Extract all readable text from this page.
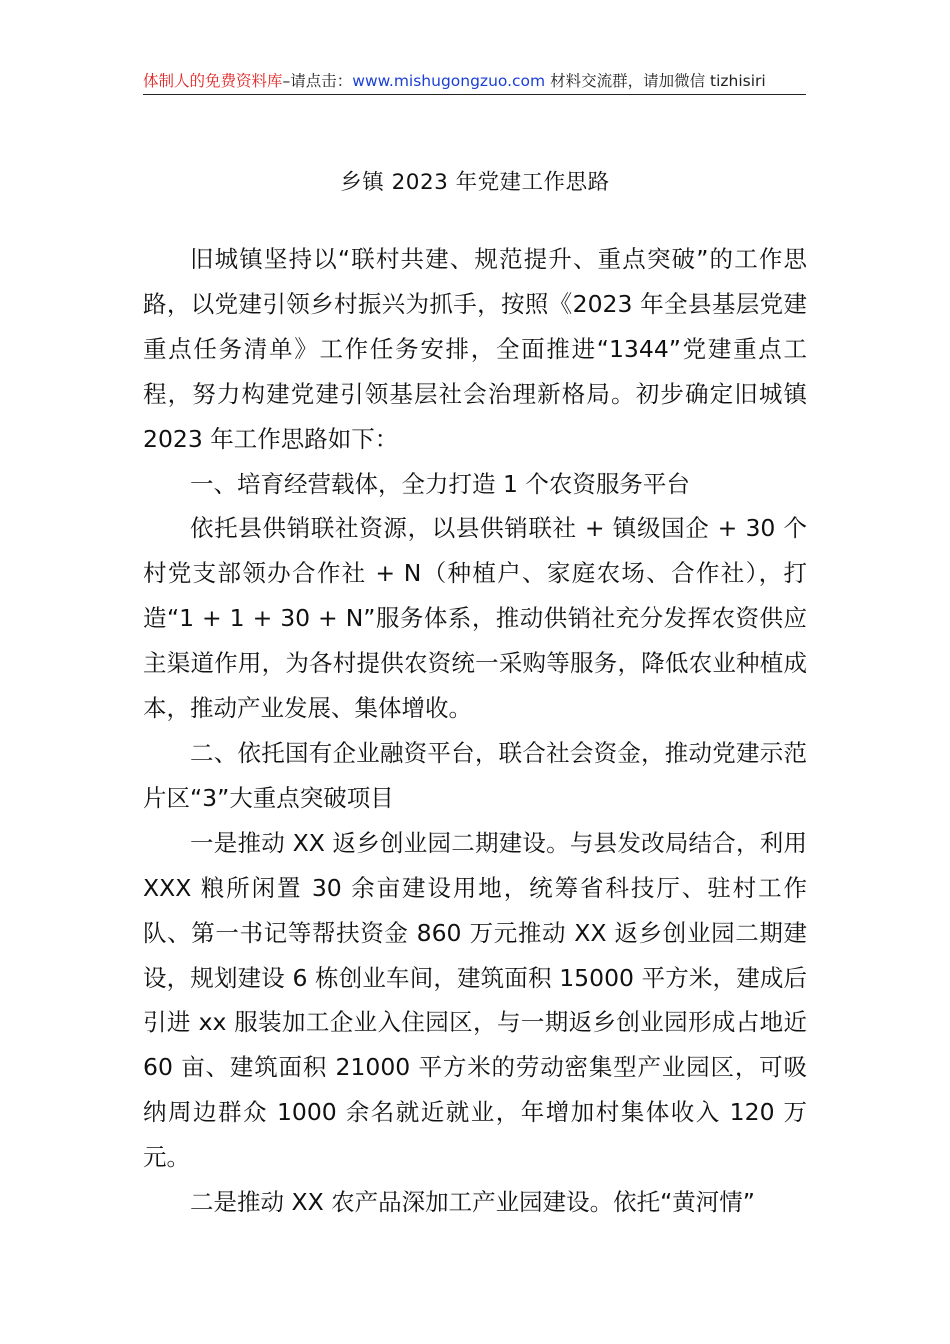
体制人的免费资料库–请点击：www.mishugongzuo.com 材料交流群，请加微信 tizhisiri
乡镇 2023 年党建工作思路

旧城镇坚持以“联村共建、规范提升、重点突破”的工作思路，以党建引领乡村振兴为抓手，按照《2023 年全县基层党建重点任务清单》工作任务安排，全面推进“1344”党建重点工程，努力构建党建引领基层社会治理新格局。初步确定旧城镇 2023 年工作思路如下：

一、培育经营载体，全力打造 1 个农资服务平台

依托县供销联社资源，以县供销联社 + 镇级国企 + 30 个村党支部领办合作社 + N（种植户、家庭农场、合作社），打造“1 + 1 + 30 + N”服务体系，推动供销社充分发挥农资供应主渠道作用，为各村提供农资统一采购等服务，降低农业种植成本，推动产业发展、集体增收。

二、依托国有企业融资平台，联合社会资金，推动党建示范片区“3”大重点突破项目

一是推动 XX 返乡创业园二期建设。与县发改局结合，利用 XXX 粮所闲置 30 余亩建设用地，统筹省科技厅、驻村工作队、第一书记等帮扶资金 860 万元推动 XX 返乡创业园二期建设，规划建设 6 栋创业车间，建筑面积 15000 平方米，建成后引进 xx 服装加工企业入住园区，与一期返乡创业园形成占地近 60 亩、建筑面积 21000 平方米的劳动密集型产业园区，可吸纳周边群众 1000 余名就近就业，年增加村集体收入 120 万元。

二是推动 XX 农产品深加工产业园建设。依托“黄河情”
